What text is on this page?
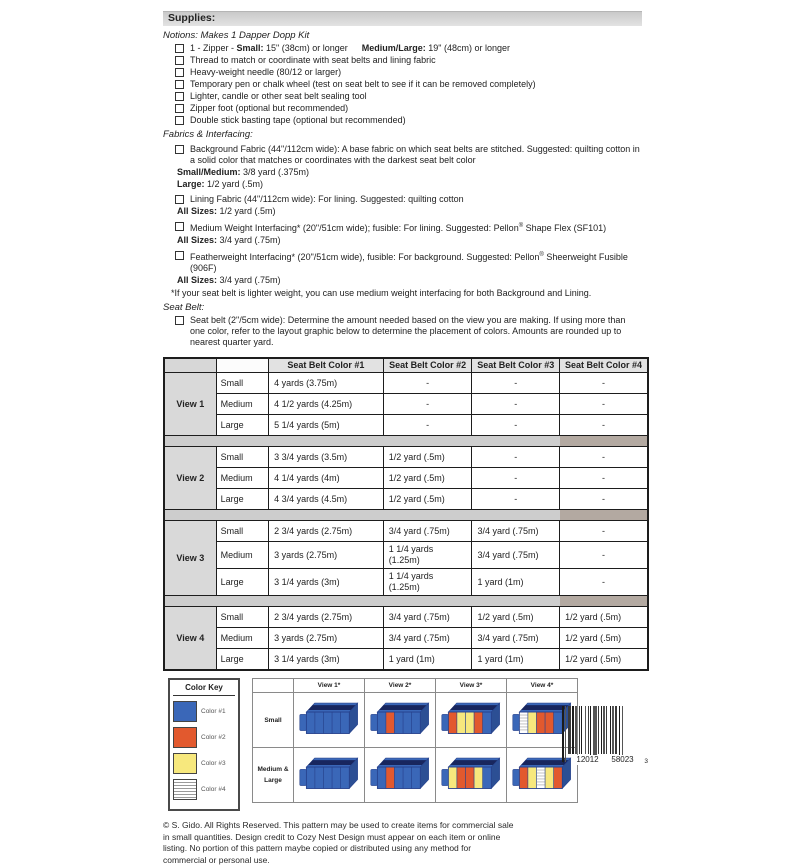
Supplies:
Notions: Makes 1 Dapper Dopp Kit
1 - Zipper - Small: 15" (38cm) or longer Medium/Large: 19" (48cm) or longer
Thread to match or coordinate with seat belts and lining fabric
Heavy-weight needle (80/12 or larger)
Temporary pen or chalk wheel (test on seat belt to see if it can be removed completely)
Lighter, candle or other seat belt sealing tool
Zipper foot (optional but recommended)
Double stick basting tape (optional but recommended)
Fabrics & Interfacing:
Background Fabric (44"/112cm wide): A base fabric on which seat belts are stitched. Suggested: quilting cotton in a solid color that matches or coordinates with the darkest seat belt color
Small/Medium: 3/8 yard (.375m)
Large: 1/2 yard (.5m)
Lining Fabric (44"/112cm wide): For lining. Suggested: quilting cotton
All Sizes: 1/2 yard (.5m)
Medium Weight Interfacing* (20"/51cm wide); fusible: For lining. Suggested: Pellon® Shape Flex (SF101)
All Sizes: 3/4 yard (.75m)
Featherweight Interfacing* (20"/51cm wide), fusible: For background. Suggested: Pellon® Sheerweight Fusible (906F)
All Sizes: 3/4 yard (.75m)
*If your seat belt is lighter weight, you can use medium weight interfacing for both Background and Lining.
Seat Belt:
Seat belt (2"/5cm wide): Determine the amount needed based on the view you are making. If using more than one color, refer to the layout graphic below to determine the placement of colors. Amounts are rounded up to nearest quarter yard.
		Seat Belt Color #1	Seat Belt Color #2	Seat Belt Color #3	Seat Belt Color #4
View 1	Small	4 yards (3.75m)	-	-	-
	Medium	4 1/2 yards (4.25m)	-	-	-
	Large	5 1/4 yards (5m)	-	-	-

View 2	Small	3 3/4 yards (3.5m)	1/2 yard (.5m)	-	-
	Medium	4 1/4 yards (4m)	1/2 yard (.5m)	-	-
	Large	4 3/4 yards (4.5m)	1/2 yard (.5m)	-	-

View 3	Small	2 3/4 yards (2.75m)	3/4 yard (.75m)	3/4 yard (.75m)	-
	Medium	3 yards (2.75m)	1 1/4 yards (1.25m)	3/4 yard (.75m)	-
	Large	3 1/4 yards (3m)	1 1/4 yards (1.25m)	1 yard (1m)	-

View 4	Small	2 3/4 yards (2.75m)	3/4 yard (.75m)	1/2 yard (.5m)	1/2 yard (.5m)
	Medium	3 yards (2.75m)	3/4 yard (.75m)	3/4 yard (.75m)	1/2 yard (.5m)
	Large	3 1/4 yards (3m)	1 yard (1m)	1 yard (1m)	1/2 yard (.5m)
Color Key
Color #1
Color #2
Color #3
Color #4
	View 1*	View 2*	View 3*	View 4*
Small				
Medium & Large				
© S. Gido. All Rights Reserved. This pattern may be used to create items for commercial sale in small quantities. Design credit to Cozy Nest Design must appear on each item or online listing. No portion of this pattern maybe copied or distributed using any method for commercial or personal use.
7 12012 58023	3
